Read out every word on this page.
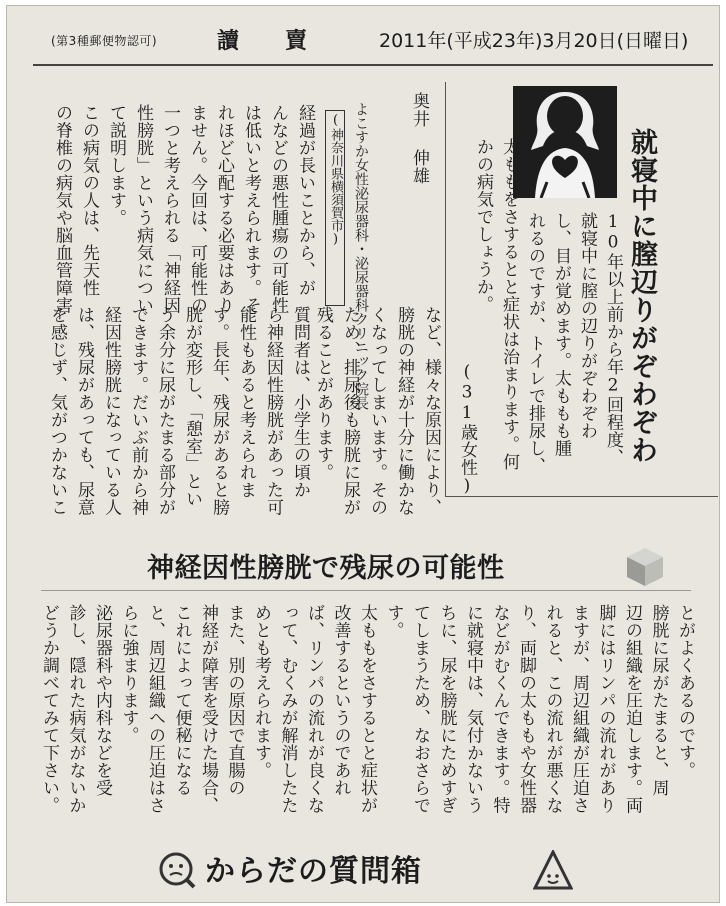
(第3種郵便物認可)	讀賣 2011年(平成23年)3月20日(日曜日)
就寝中に膣辺りがぞわぞわ
10年以上前から年2回程度、
就寝中に膣の辺りがぞわぞわ
し、目が覚めます。太ももも腫
れるのですが、トイレで排尿し、
太ももをさするとと症状は治まります。何
かの病気でしょうか。
(31歳女性)
奥井 伸雄
よこすか女性泌尿器科・泌尿器科クリニック院長
(神奈川県横須賀市)
経過が長いことから、が
んなどの悪性腫瘍の可能性
は低いと考えられます。そ
れほど心配する必要はあり
ません。今回は、可能性の
一つと考えられる「神経因
性膀胱」という病気につい
て説明します。
この病気の人は、先天性
の脊椎の病気や脳血管障害
など、様々な原因により、
膀胱の神経が十分に働かな
くなってしまいます。その
ため、排尿後も膀胱に尿が
残ることがあります。
質問者は、小学生の頃か
ら神経因性膀胱があった可
能性もあると考えられま
す。長年、残尿があると膀
胱が変形し、「憩室」とい
う余分に尿がたまる部分が
できます。だいぶ前から神
経因性膀胱になっている人
は、残尿があっても、尿意
を感じず、気がつかないこ
神経因性膀胱で残尿の可能性
とがよくあるのです。
膀胱に尿がたまると、周
辺の組織を圧迫します。両
脚にはリンパの流れがあり
ますが、周辺組織が圧迫さ
れると、この流れが悪くな
り、両脚の太ももや女性器
などがむくんできます。特
に就寝中は、気付かないう
ちに、尿を膀胱にためすぎ
てしまうため、なおさらで
す。
太ももをさするとと症状が
改善するというのであれ
ば、リンパの流れが良くな
って、むくみが解消したた
めとも考えられます。
また、別の原因で直腸の
神経が障害を受けた場合、
これによって便秘になる
と、周辺組織への圧迫はさ
らに強まります。
泌尿器科や内科などを受
診し、隠れた病気がないか
どうか調べてみて下さい。
からだの質問箱
